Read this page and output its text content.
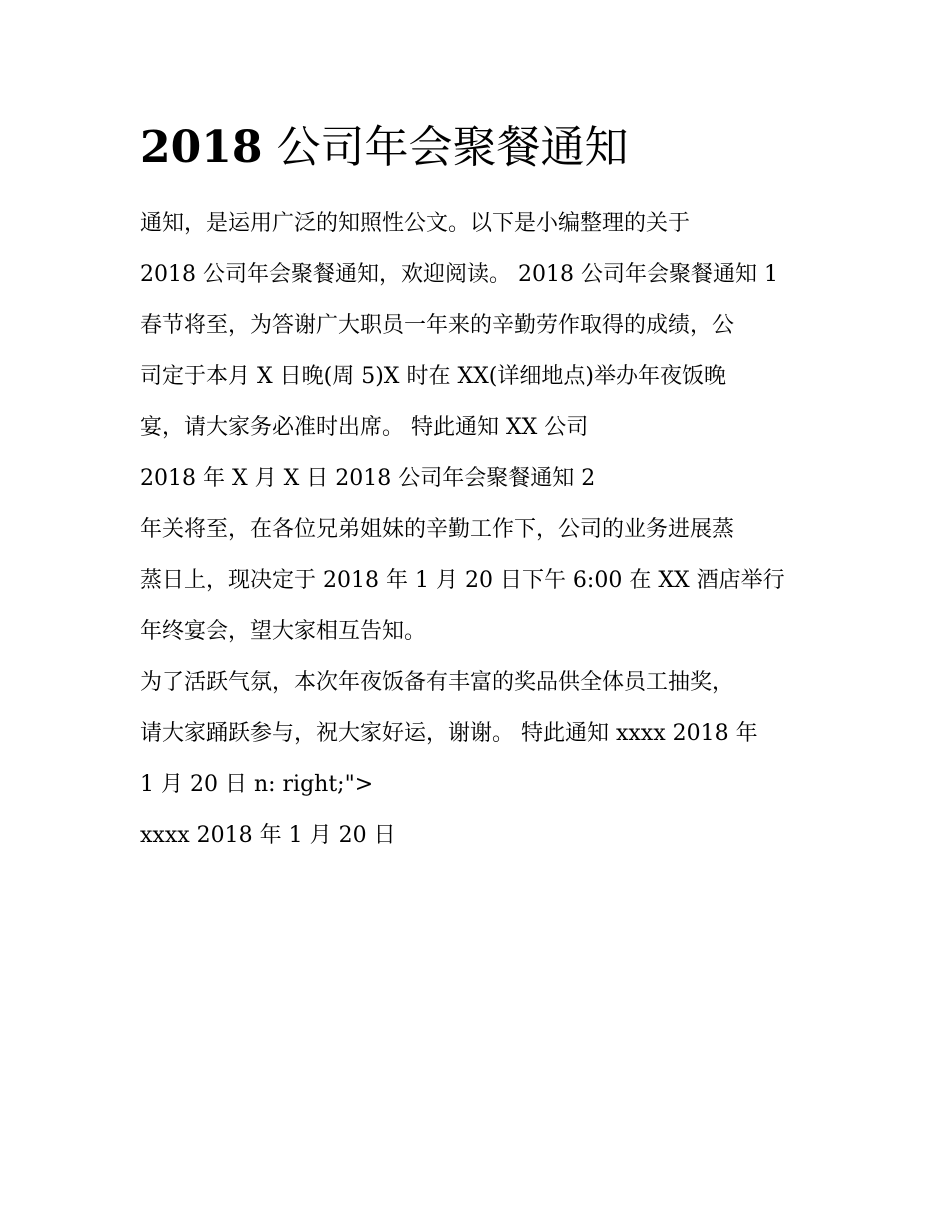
2018 公司年会聚餐通知
通知，是运用广泛的知照性公文。以下是小编整理的关于
2018 公司年会聚餐通知，欢迎阅读。 2018 公司年会聚餐通知 1
春节将至，为答谢广大职员一年来的辛勤劳作取得的成绩，公
司定于本月 X 日晚(周 5)X 时在 XX(详细地点)举办年夜饭晚
宴，请大家务必准时出席。 特此通知 XX 公司
2018 年 X 月 X 日 2018 公司年会聚餐通知 2
年关将至，在各位兄弟姐妹的辛勤工作下，公司的业务进展蒸
蒸日上，现决定于 2018 年 1 月 20 日下午 6:00 在 XX 酒店举行
年终宴会，望大家相互告知。
为了活跃气氛，本次年夜饭备有丰富的奖品供全体员工抽奖，
请大家踊跃参与，祝大家好运，谢谢。 特此通知 xxxx 2018 年
1 月 20 日 n: right;">
xxxx 2018 年 1 月 20 日
